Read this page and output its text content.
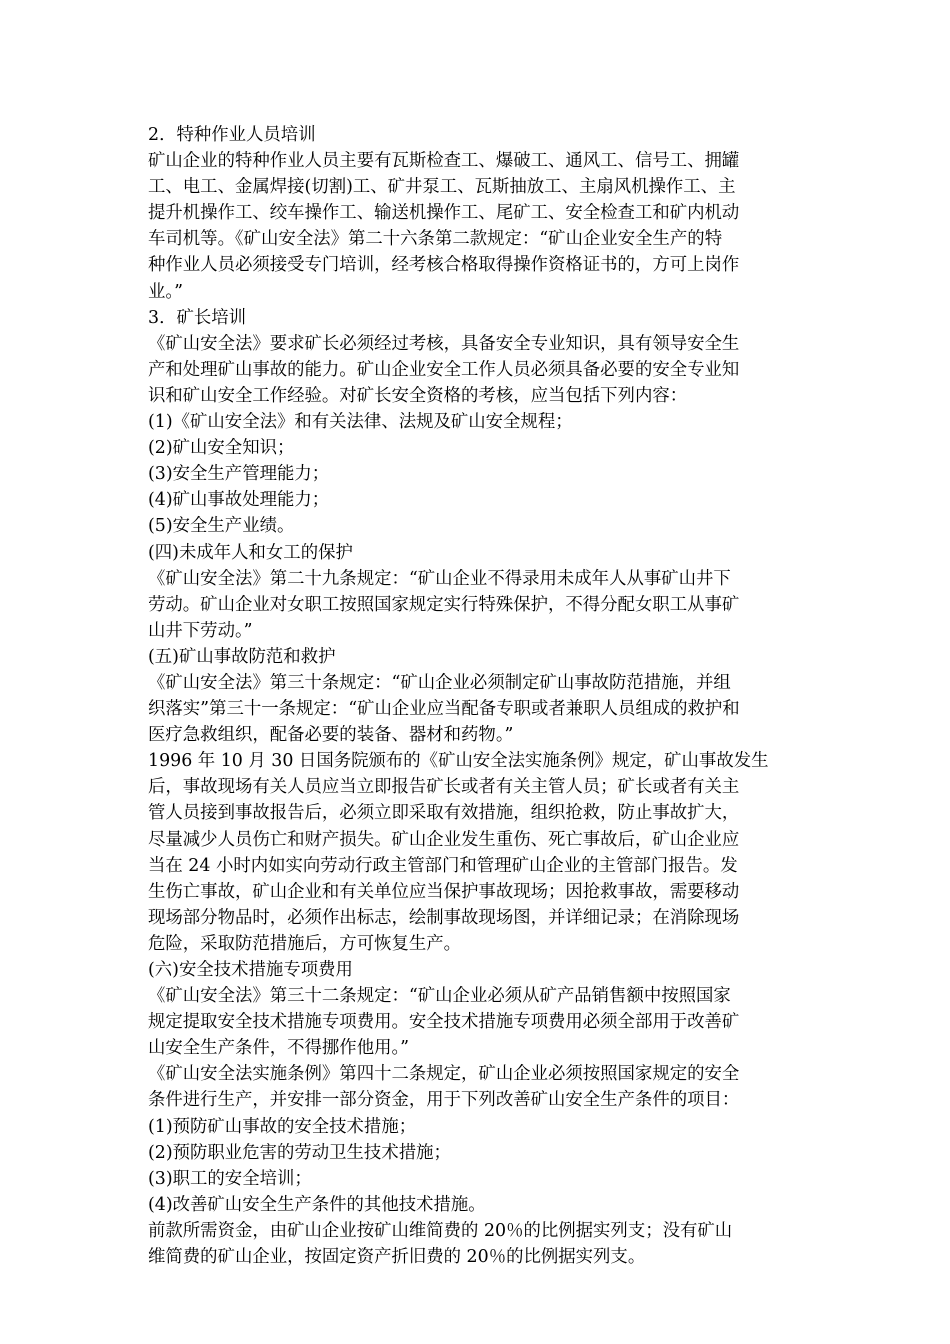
2．特种作业人员培训
矿山企业的特种作业人员主要有瓦斯检查工、爆破工、通风工、信号工、拥罐
工、电工、金属焊接(切割)工、矿井泵工、瓦斯抽放工、主扇风机操作工、主
提升机操作工、绞车操作工、输送机操作工、尾矿工、安全检查工和矿内机动
车司机等。《矿山安全法》第二十六条第二款规定：“矿山企业安全生产的特
种作业人员必须接受专门培训，经考核合格取得操作资格证书的，方可上岗作
业。”
3．矿长培训
《矿山安全法》要求矿长必须经过考核，具备安全专业知识，具有领导安全生
产和处理矿山事故的能力。矿山企业安全工作人员必须具备必要的安全专业知
识和矿山安全工作经验。对矿长安全资格的考核，应当包括下列内容：
(1)《矿山安全法》和有关法律、法规及矿山安全规程；
(2)矿山安全知识；
(3)安全生产管理能力；
(4)矿山事故处理能力；
(5)安全生产业绩。
(四)未成年人和女工的保护
《矿山安全法》第二十九条规定：“矿山企业不得录用未成年人从事矿山井下
劳动。矿山企业对女职工按照国家规定实行特殊保护，不得分配女职工从事矿
山井下劳动。”
(五)矿山事故防范和救护
《矿山安全法》第三十条规定：“矿山企业必须制定矿山事故防范措施，并组
织落实”第三十一条规定：“矿山企业应当配备专职或者兼职人员组成的救护和
医疗急救组织，配备必要的装备、器材和药物。”
1996 年 10 月 30 日国务院颁布的《矿山安全法实施条例》规定，矿山事故发生
后，事故现场有关人员应当立即报告矿长或者有关主管人员；矿长或者有关主
管人员接到事故报告后，必须立即采取有效措施，组织抢救，防止事故扩大，
尽量减少人员伤亡和财产损失。矿山企业发生重伤、死亡事故后，矿山企业应
当在 24 小时内如实向劳动行政主管部门和管理矿山企业的主管部门报告。发
生伤亡事故，矿山企业和有关单位应当保护事故现场；因抢救事故，需要移动
现场部分物品时，必须作出标志，绘制事故现场图，并详细记录；在消除现场
危险，采取防范措施后，方可恢复生产。
(六)安全技术措施专项费用
《矿山安全法》第三十二条规定：“矿山企业必须从矿产品销售额中按照国家
规定提取安全技术措施专项费用。安全技术措施专项费用必须全部用于改善矿
山安全生产条件，不得挪作他用。”
《矿山安全法实施条例》第四十二条规定，矿山企业必须按照国家规定的安全
条件进行生产，并安排一部分资金，用于下列改善矿山安全生产条件的项目：
(1)预防矿山事故的安全技术措施；
(2)预防职业危害的劳动卫生技术措施；
(3)职工的安全培训；
(4)改善矿山安全生产条件的其他技术措施。
前款所需资金，由矿山企业按矿山维简费的 20％的比例据实列支；没有矿山
维简费的矿山企业，按固定资产折旧费的 20％的比例据实列支。
